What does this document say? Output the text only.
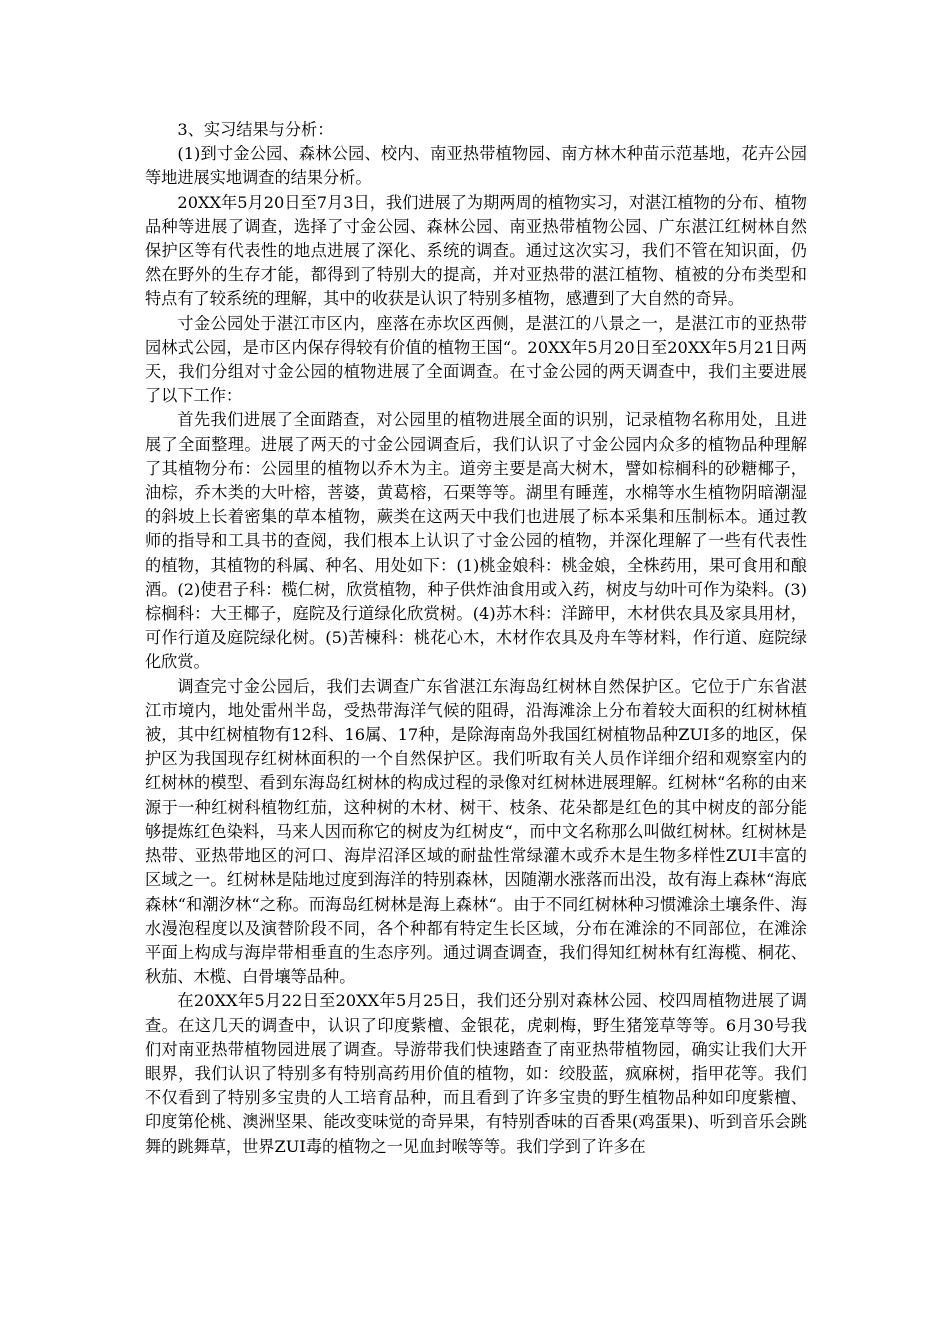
3、实习结果与分析：

(1)到寸金公园、森林公园、校内、南亚热带植物园、南方林木种苗示范基地，花卉公园等地进展实地调查的结果分析。

20XX年5月20日至7月3日，我们进展了为期两周的植物实习，对湛江植物的分布、植物品种等进展了调查，选择了寸金公园、森林公园、南亚热带植物公园、广东湛江红树林自然保护区等有代表性的地点进展了深化、系统的调查。通过这次实习，我们不管在知识面，仍然在野外的生存才能，都得到了特别大的提高，并对亚热带的湛江植物、植被的分布类型和特点有了较系统的理解，其中的收获是认识了特别多植物，感遭到了大自然的奇异。

寸金公园处于湛江市区内，座落在赤坎区西侧，是湛江的八景之一，是湛江市的亚热带园林式公园，是市区内保存得较有价值的植物王国“。20XX年5月20日至20XX年5月21日两天，我们分组对寸金公园的植物进展了全面调查。在寸金公园的两天调查中，我们主要进展了以下工作：

首先我们进展了全面踏查，对公园里的植物进展全面的识别，记录植物名称用处，且进展了全面整理。进展了两天的寸金公园调查后，我们认识了寸金公园内众多的植物品种理解了其植物分布：公园里的植物以乔木为主。道旁主要是高大树木，譬如棕榈科的砂糖椰子，油棕，乔木类的大叶榕，菩婆，黄葛榕，石栗等等。湖里有睡莲，水棉等水生植物阴暗潮湿的斜坡上长着密集的草本植物，蕨类在这两天中我们也进展了标本采集和压制标本。通过教师的指导和工具书的查阅，我们根本上认识了寸金公园的植物，并深化理解了一些有代表性的植物，其植物的科属、种名、用处如下：(1)桃金娘科：桃金娘，全株药用，果可食用和酿酒。(2)使君子科：榄仁树，欣赏植物，种子供炸油食用或入药，树皮与幼叶可作为染料。(3)棕榈科：大王椰子，庭院及行道绿化欣赏树。(4)苏木科：洋蹄甲，木材供农具及家具用材，可作行道及庭院绿化树。(5)苦楝科：桃花心木，木材作农具及舟车等材料，作行道、庭院绿化欣赏。

调查完寸金公园后，我们去调查广东省湛江东海岛红树林自然保护区。它位于广东省湛江市境内，地处雷州半岛，受热带海洋气候的阻碍，沿海滩涂上分布着较大面积的红树林植被，其中红树植物有12科、16属、17种，是除海南岛外我国红树植物品种ZUI多的地区，保护区为我国现存红树林面积的一个自然保护区。我们听取有关人员作详细介绍和观察室内的红树林的模型、看到东海岛红树林的构成过程的录像对红树林进展理解。红树林“名称的由来源于一种红树科植物红茄，这种树的木材、树干、枝条、花朵都是红色的其中树皮的部分能够提炼红色染料，马来人因而称它的树皮为红树皮“，而中文名称那么叫做红树林。红树林是热带、亚热带地区的河口、海岸沼泽区域的耐盐性常绿灌木或乔木是生物多样性ZUI丰富的区域之一。红树林是陆地过度到海洋的特别森林，因随潮水涨落而出没，故有海上森林“海底森林“和潮汐林“之称。而海岛红树林是海上森林“。由于不同红树林种习惯滩涂土壤条件、海水漫泡程度以及演替阶段不同，各个种都有特定生长区域，分布在滩涂的不同部位，在滩涂平面上构成与海岸带相垂直的生态序列。通过调查调查，我们得知红树林有红海榄、桐花、秋茄、木榄、白骨壤等品种。

在20XX年5月22日至20XX年5月25日，我们还分别对森林公园、校四周植物进展了调查。在这几天的调查中，认识了印度紫檀、金银花，虎刺梅，野生猪笼草等等。6月30号我们对南亚热带植物园进展了调查。导游带我们快速踏查了南亚热带植物园，确实让我们大开眼界，我们认识了特别多有特别高药用价值的植物，如：绞股蓝，疯麻树，指甲花等。我们不仅看到了特别多宝贵的人工培育品种，而且看到了许多宝贵的野生植物品种如印度紫檀、印度第伦桃、澳洲坚果、能改变味觉的奇异果，有特别香味的百香果(鸡蛋果)、听到音乐会跳舞的跳舞草，世界ZUI毒的植物之一见血封喉等等。我们学到了许多在
